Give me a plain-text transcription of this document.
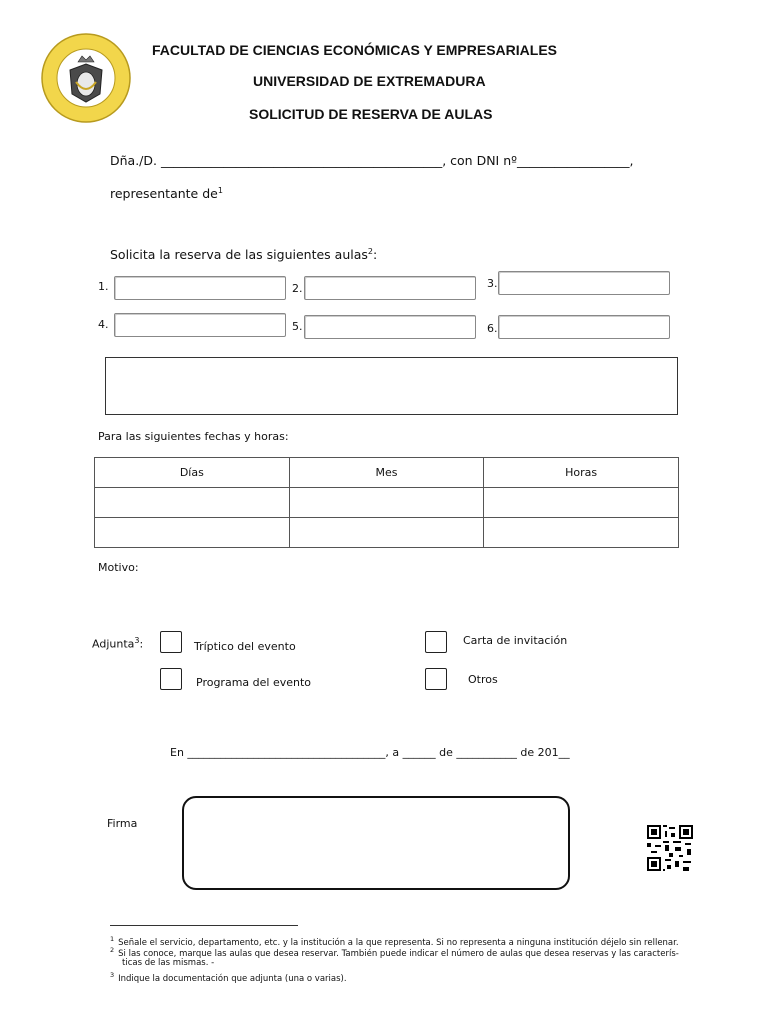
FACULTAD DE CIENCIAS ECONÓMICAS Y EMPRESARIALES
UNIVERSIDAD DE EXTREMADURA
SOLICITUD DE RESERVA DE AULAS
Dña./D. _____________________________________________, con DNI nº__________________,
representante $de^1$
Solicita la reserva de las siguientes aulas$^2$:
1.	2.	3.
4.	5.	6.
Para las siguientes fechas y horas:
Días	Mes	Horas

Motivo:
Adjunta$^3$:	Tríptico del evento	Carta de invitación
Programa del evento	Otros
En ____________________________________, a ______ de ___________ de 201__
Firma
$^1$ Señale el servicio, departamento, etc. y la institución a la que representa. Si no representa a ninguna institución déjelo sin rellenar.
$^2$ Si las conoce, marque las aulas que desea reservar. También puede indicar el número de aulas que desea reservas y las caracterís-
ticas de las mismas. -
$^3$ Indique la documentación que adjunta (una o varias).
